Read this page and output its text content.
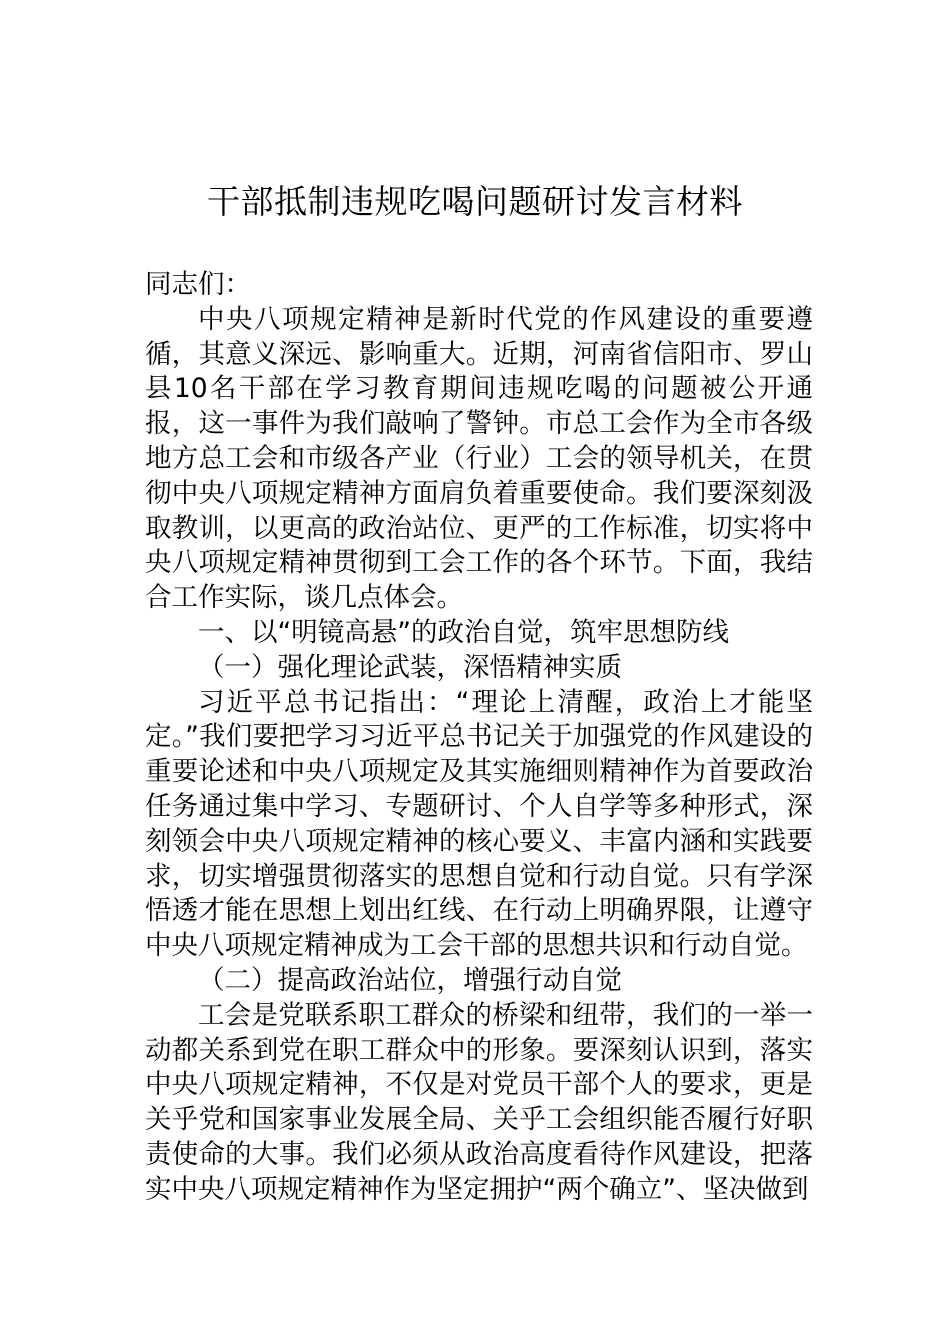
干部抵制违规吃喝问题研讨发言材料

同志们：

中央八项规定精神是新时代党的作风建设的重要遵循，其意义深远、影响重大。近期，河南省信阳市、罗山县10名干部在学习教育期间违规吃喝的问题被公开通报，这一事件为我们敲响了警钟。市总工会作为全市各级地方总工会和市级各产业（行业）工会的领导机关，在贯彻中央八项规定精神方面肩负着重要使命。我们要深刻汲取教训，以更高的政治站位、更严的工作标准，切实将中央八项规定精神贯彻到工会工作的各个环节。下面，我结合工作实际，谈几点体会。

一、以“明镜高悬”的政治自觉，筑牢思想防线

（一）强化理论武装，深悟精神实质

习近平总书记指出：“理论上清醒，政治上才能坚定。”我们要把学习习近平总书记关于加强党的作风建设的重要论述和中央八项规定及其实施细则精神作为首要政治任务通过集中学习、专题研讨、个人自学等多种形式，深刻领会中央八项规定精神的核心要义、丰富内涵和实践要求，切实增强贯彻落实的思想自觉和行动自觉。只有学深悟透才能在思想上划出红线、在行动上明确界限，让遵守中央八项规定精神成为工会干部的思想共识和行动自觉。

（二）提高政治站位，增强行动自觉

工会是党联系职工群众的桥梁和纽带，我们的一举一动都关系到党在职工群众中的形象。要深刻认识到，落实中央八项规定精神，不仅是对党员干部个人的要求，更是关乎党和国家事业发展全局、关乎工会组织能否履行好职责使命的大事。我们必须从政治高度看待作风建设，把落实中央八项规定精神作为坚定拥护“两个确立”、坚决做到
